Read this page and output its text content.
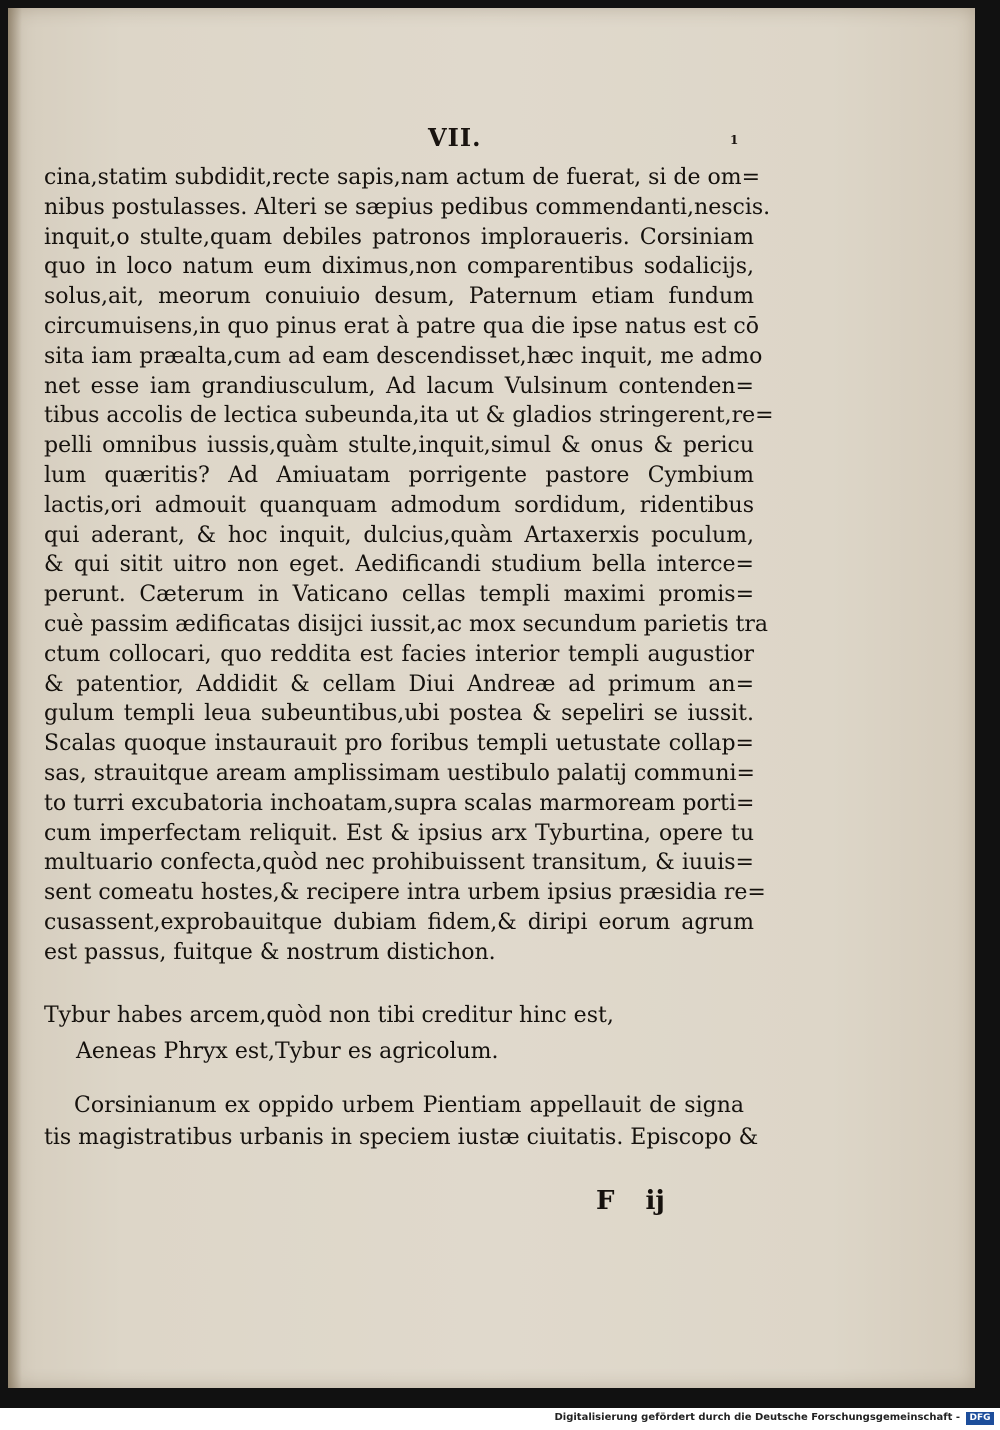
VII.	1

cina,statim subdidit,recte sapis,nam actum de fuerat, si de om=

nibus postulasses. Alteri se sæpius pedibus commendanti,nescis.

inquit,o stulte,quam debiles patronos imploraueris. Corsiniam

quo in loco natum eum diximus,non comparentibus sodalicijs,

solus,ait, meorum conuiuio desum, Paternum etiam fundum

circumuisens,in quo pinus erat à patre qua die ipse natus est cō

sita iam præalta,cum ad eam descendisset,hæc inquit, me admo

net esse iam grandiusculum, Ad lacum Vulsinum contenden=

tibus accolis de lectica subeunda,ita ut & gladios stringerent,re=

pelli omnibus iussis,quàm stulte,inquit,simul & onus & pericu

lum quæritis? Ad Amiuatam porrigente pastore Cymbium

lactis,ori admouit quanquam admodum sordidum, ridentibus

qui aderant, & hoc inquit, dulcius,quàm Artaxerxis poculum,

& qui sitit uitro non eget. Aedificandi studium bella interce=

perunt. Cæterum in Vaticano cellas templi maximi promis=

cuè passim ædificatas disijci iussit,ac mox secundum parietis tra

ctum collocari, quo reddita est facies interior templi augustior

& patentior, Addidit & cellam Diui Andreæ ad primum an=

gulum templi leua subeuntibus,ubi postea & sepeliri se iussit.

Scalas quoque instaurauit pro foribus templi uetustate collap=

sas, strauitque aream amplissimam uestibulo palatij communi=

to turri excubatoria inchoatam,supra scalas marmoream porti=

cum imperfectam reliquit. Est & ipsius arx Tyburtina, opere tu

multuario confecta,quòd nec prohibuissent transitum, & iuuis=

sent comeatu hostes,& recipere intra urbem ipsius præsidia re=

cusassent,exprobauitque dubiam fidem,& diripi eorum agrum

est passus, fuitque & nostrum distichon.

Tybur habes arcem,quòd non tibi creditur hinc est,

Aeneas Phryx est,Tybur es agricolum.

Corsinianum ex oppido urbem Pientiam appellauit de signa

tis magistratibus urbanis in speciem iustæ ciuitatis. Episcopo &

F ij

Digitalisierung gefördert durch die Deutsche Forschungsgemeinschaft -	DFG
